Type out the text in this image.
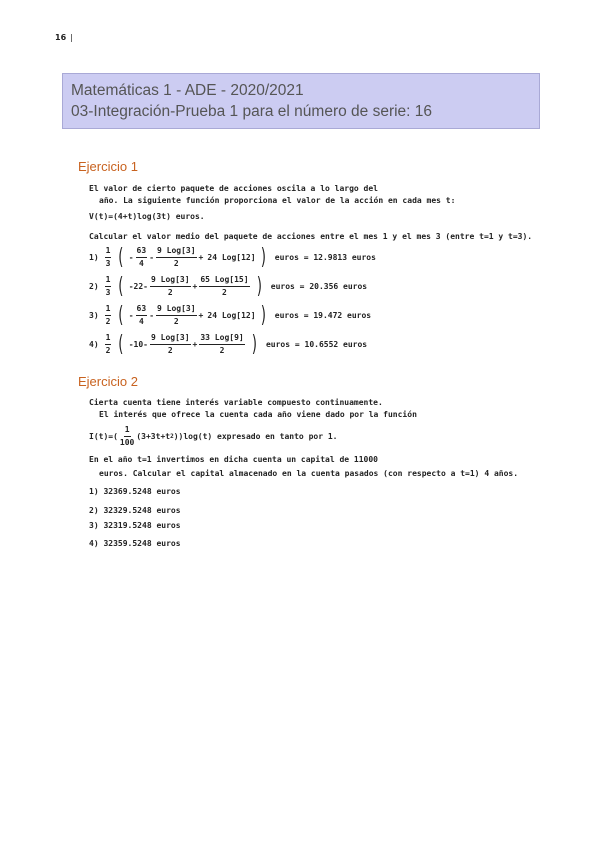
16 |
Matemáticas 1 - ADE - 2020/2021
03-Integración-Prueba 1 para el número de serie: 16
Ejercicio 1
El valor de cierto paquete de acciones oscila a lo largo del
año. La siguiente función proporciona el valor de la acción en cada mes t:
V(t)=(4+t)log(3t) euros.
Calcular el valor medio del paquete de acciones entre el mes 1 y el mes 3 (entre t=1 y t=3).
$1) \frac{1}{3}$ ( - $\frac{63}{4} - \frac{\text{9 Log[3]}}{2} + 24$ Log[12] ) euros = 12.9813 euros
$2) \frac{1}{3}$ ( $-22 - \frac{\text{9 Log[3]}}{2} + \frac{\text{65 Log[15]}}{2}$ ) euros = 20.356 euros
$3) \frac{1}{2}$ ( - $\frac{63}{4} - \frac{\text{9 Log[3]}}{2} + 24$ Log[12] ) euros = 19.472 euros
$4) \frac{1}{2}$ ( $-10 - \frac{\text{9 Log[3]}}{2} + \frac{\text{33 Log[9]}}{2}$ ) euros = 10.6552 euros
Ejercicio 2
Cierta cuenta tiene interés variable compuesto continuamente.
El interés que ofrece la cuenta cada año viene dado por la función
$I(t)=( \frac{1}{100} (3+3t+t$ 2 ))log(t) expresado en tanto por 1.
En el año t=1 invertimos en dicha cuenta un capital de 11000
euros. Calcular el capital almacenado en la cuenta pasados (con respecto a t=1) 4 años.
1) 32369.5248 euros
2) 32329.5248 euros
3) 32319.5248 euros
4) 32359.5248 euros
